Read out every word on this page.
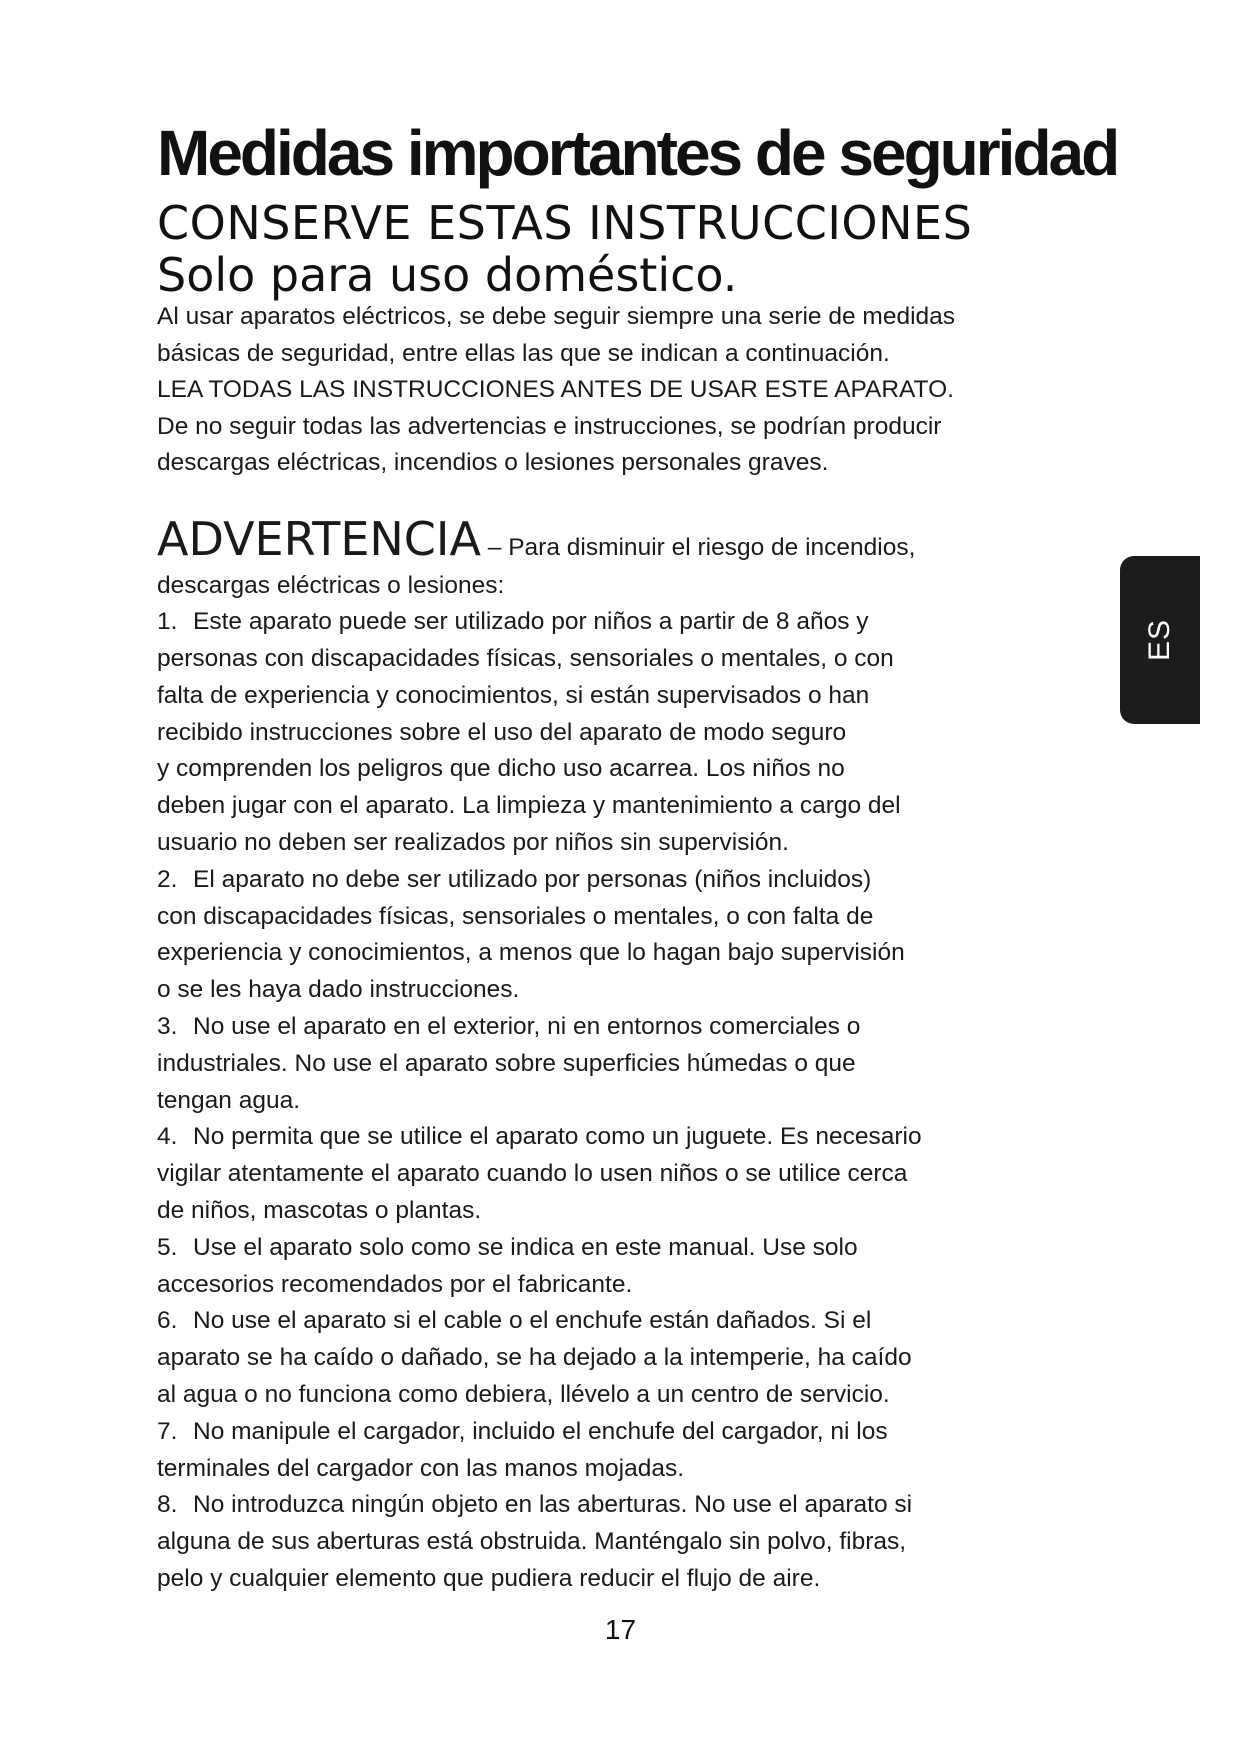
Medidas importantes de seguridad
CONSERVE ESTAS INSTRUCCIONES
Solo para uso doméstico.

Al usar aparatos eléctricos, se debe seguir siempre una serie de medidas

básicas de seguridad, entre ellas las que se indican a continuación.

LEA TODAS LAS INSTRUCCIONES ANTES DE USAR ESTE APARATO.

De no seguir todas las advertencias e instrucciones, se podrían producir

descargas eléctricas, incendios o lesiones personales graves.

ADVERTENCIA – Para disminuir el riesgo de incendios,

descargas eléctricas o lesiones:

1. Este aparato puede ser utilizado por niños a partir de 8 años y
personas con discapacidades físicas, sensoriales o mentales, o con
falta de experiencia y conocimientos, si están supervisados o han
recibido instrucciones sobre el uso del aparato de modo seguro
y comprenden los peligros que dicho uso acarrea. Los niños no
deben jugar con el aparato. La limpieza y mantenimiento a cargo del
usuario no deben ser realizados por niños sin supervisión.
2. El aparato no debe ser utilizado por personas (niños incluidos)
con discapacidades físicas, sensoriales o mentales, o con falta de
experiencia y conocimientos, a menos que lo hagan bajo supervisión
o se les haya dado instrucciones.
3. No use el aparato en el exterior, ni en entornos comerciales o
industriales. No use el aparato sobre superficies húmedas o que
tengan agua.
4. No permita que se utilice el aparato como un juguete. Es necesario
vigilar atentamente el aparato cuando lo usen niños o se utilice cerca
de niños, mascotas o plantas.
5. Use el aparato solo como se indica en este manual. Use solo
accesorios recomendados por el fabricante.
6. No use el aparato si el cable o el enchufe están dañados. Si el
aparato se ha caído o dañado, se ha dejado a la intemperie, ha caído
al agua o no funciona como debiera, llévelo a un centro de servicio.
7. No manipule el cargador, incluido el enchufe del cargador, ni los
terminales del cargador con las manos mojadas.
8. No introduzca ningún objeto en las aberturas. No use el aparato si
alguna de sus aberturas está obstruida. Manténgalo sin polvo, fibras,
pelo y cualquier elemento que pudiera reducir el flujo de aire.
17
ES
